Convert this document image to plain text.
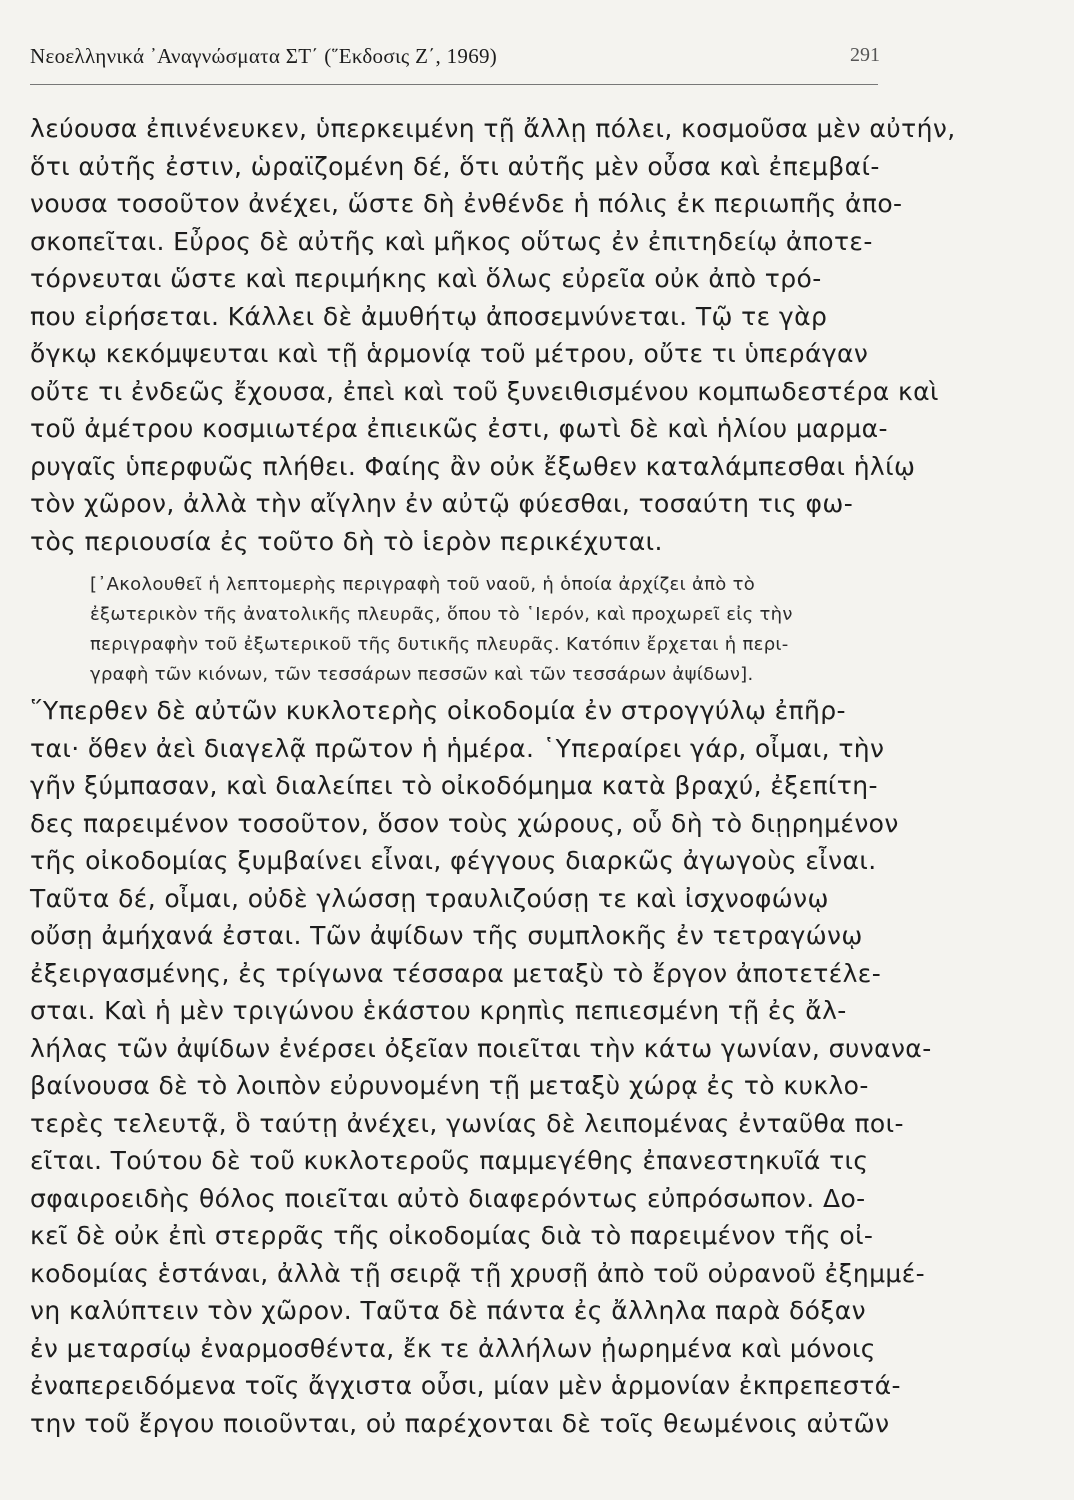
Νεοελληνικά ᾿Αναγνώσματα ΣΤ΄ (῞Εκδοσις Ζ΄, 1969)	291
λεύουσα ἐπινένευκεν, ὑπερκειμένη τῇ ἄλλῃ πόλει, κοσμοῦσα μὲν αὐτήν,
ὅτι αὐτῆς ἐστιν, ὡραϊζομένη δέ, ὅτι αὐτῆς μὲν οὖσα καὶ ἐπεμβαί-
νουσα τοσοῦτον ἀνέχει, ὥστε δὴ ἐνθένδε ἡ πόλις ἐκ περιωπῆς ἀπο-
σκοπεῖται. Εὖρος δὲ αὐτῆς καὶ μῆκος οὕτως ἐν ἐπιτηδείῳ ἀποτε-
τόρνευται ὥστε καὶ περιμήκης καὶ ὅλως εὐρεῖα οὐκ ἀπὸ τρό-
που εἰρήσεται. Κάλλει δὲ ἀμυθήτῳ ἀποσεμνύνεται. Τῷ τε γὰρ
ὄγκῳ κεκόμψευται καὶ τῇ ἁρμονίᾳ τοῦ μέτρου, οὔτε τι ὑπεράγαν
οὔτε τι ἐνδεῶς ἔχουσα, ἐπεὶ καὶ τοῦ ξυνειθισμένου κομπωδεστέρα καὶ
τοῦ ἀμέτρου κοσμιωτέρα ἐπιεικῶς ἐστι, φωτὶ δὲ καὶ ἡλίου μαρμα-
ρυγαῖς ὑπερφυῶς πλήθει. Φαίης ἂν οὐκ ἔξωθεν καταλάμπεσθαι ἡλίῳ
τὸν χῶρον, ἀλλὰ τὴν αἴγλην ἐν αὐτῷ φύεσθαι, τοσαύτη τις φω-
τὸς περιουσία ἐς τοῦτο δὴ τὸ ἱερὸν περικέχυται.
[᾿Ακολουθεῖ ἡ λεπτομερὴς περιγραφὴ τοῦ ναοῦ, ἡ ὁποία ἀρχίζει ἀπὸ τὸ
ἐξωτερικὸν τῆς ἀνατολικῆς πλευρᾶς, ὅπου τὸ ῾Ιερόν, καὶ προχωρεῖ εἰς τὴν
περιγραφὴν τοῦ ἐξωτερικοῦ τῆς δυτικῆς πλευρᾶς. Κατόπιν ἔρχεται ἡ περι-
γραφὴ τῶν κιόνων, τῶν τεσσάρων πεσσῶν καὶ τῶν τεσσάρων ἀψίδων].
῞Υπερθεν δὲ αὐτῶν κυκλοτερὴς οἰκοδομία ἐν στρογγύλῳ ἐπῆρ-
ται· ὅθεν ἀεὶ διαγελᾷ πρῶτον ἡ ἡμέρα. ῾Υπεραίρει γάρ, οἶμαι, τὴν
γῆν ξύμπασαν, καὶ διαλείπει τὸ οἰκοδόμημα κατὰ βραχύ, ἐξεπίτη-
δες παρειμένον τοσοῦτον, ὅσον τοὺς χώρους, οὗ δὴ τὸ διῃρημένον
τῆς οἰκοδομίας ξυμβαίνει εἶναι, φέγγους διαρκῶς ἀγωγοὺς εἶναι.
Ταῦτα δέ, οἶμαι, οὐδὲ γλώσσῃ τραυλιζούσῃ τε καὶ ἰσχνοφώνῳ
οὔσῃ ἀμήχανά ἐσται. Τῶν ἀψίδων τῆς συμπλοκῆς ἐν τετραγώνῳ
ἐξειργασμένης, ἐς τρίγωνα τέσσαρα μεταξὺ τὸ ἔργον ἀποτετέλε-
σται. Καὶ ἡ μὲν τριγώνου ἑκάστου κρηπὶς πεπιεσμένη τῇ ἐς ἄλ-
λήλας τῶν ἀψίδων ἐνέρσει ὀξεῖαν ποιεῖται τὴν κάτω γωνίαν, συνανα-
βαίνουσα δὲ τὸ λοιπὸν εὐρυνομένη τῇ μεταξὺ χώρᾳ ἐς τὸ κυκλο-
τερὲς τελευτᾷ, ὃ ταύτῃ ἀνέχει, γωνίας δὲ λειπομένας ἐνταῦθα ποι-
εῖται. Τούτου δὲ τοῦ κυκλοτεροῦς παμμεγέθης ἐπανεστηκυῖά τις
σφαιροειδὴς θόλος ποιεῖται αὐτὸ διαφερόντως εὐπρόσωπον. Δο-
κεῖ δὲ οὐκ ἐπὶ στερρᾶς τῆς οἰκοδομίας διὰ τὸ παρειμένον τῆς οἰ-
κοδομίας ἑστάναι, ἀλλὰ τῇ σειρᾷ τῇ χρυσῇ ἀπὸ τοῦ οὐρανοῦ ἐξημμέ-
νη καλύπτειν τὸν χῶρον. Ταῦτα δὲ πάντα ἐς ἄλληλα παρὰ δόξαν
ἐν μεταρσίῳ ἐναρμοσθέντα, ἔκ τε ἀλλήλων ᾐωρημένα καὶ μόνοις
ἐναπερειδόμενα τοῖς ἄγχιστα οὖσι, μίαν μὲν ἁρμονίαν ἐκπρεπεστά-
την τοῦ ἔργου ποιοῦνται, οὐ παρέχονται δὲ τοῖς θεωμένοις αὐτῶν
